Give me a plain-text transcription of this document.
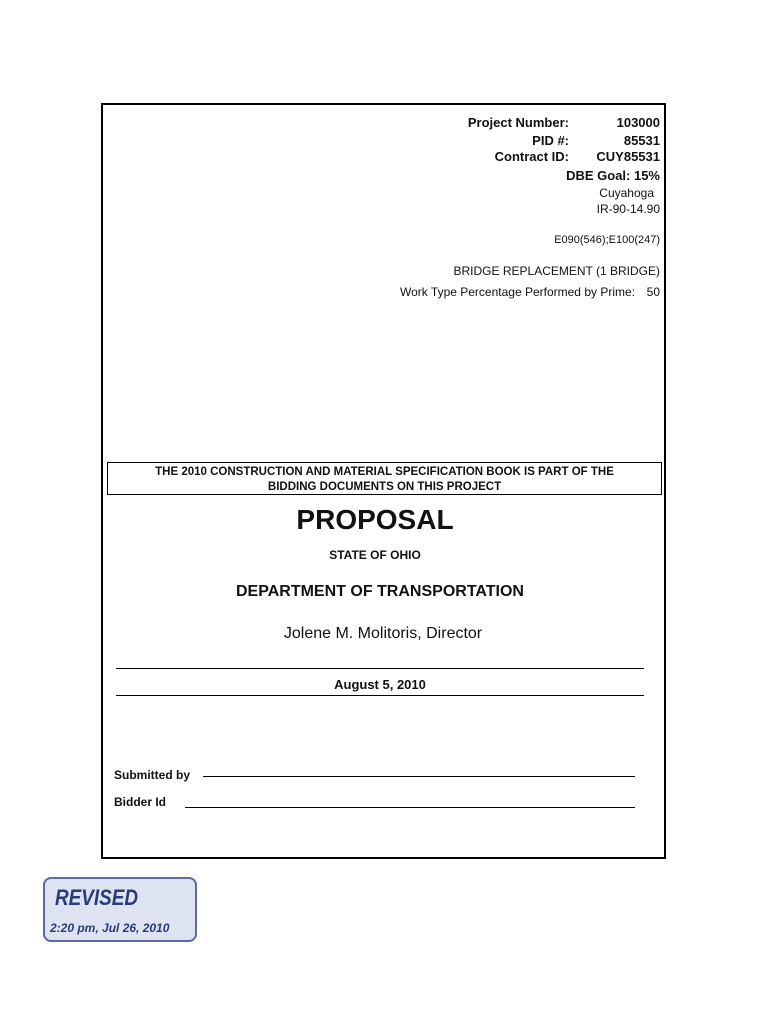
Project Number:	103000
PID #:	85531
Contract ID:	CUY85531
DBE Goal: 15%
Cuyahoga
IR-90-14.90
E090(546);E100(247)
BRIDGE REPLACEMENT (1 BRIDGE)
Work Type Percentage Performed by Prime: 50
THE 2010 CONSTRUCTION AND MATERIAL SPECIFICATION BOOK IS PART OF THE
BIDDING DOCUMENTS ON THIS PROJECT
PROPOSAL
STATE OF OHIO
DEPARTMENT OF TRANSPORTATION
Jolene M. Molitoris, Director
August 5, 2010
Submitted by
Bidder Id
REVISED
2:20 pm, Jul 26, 2010
